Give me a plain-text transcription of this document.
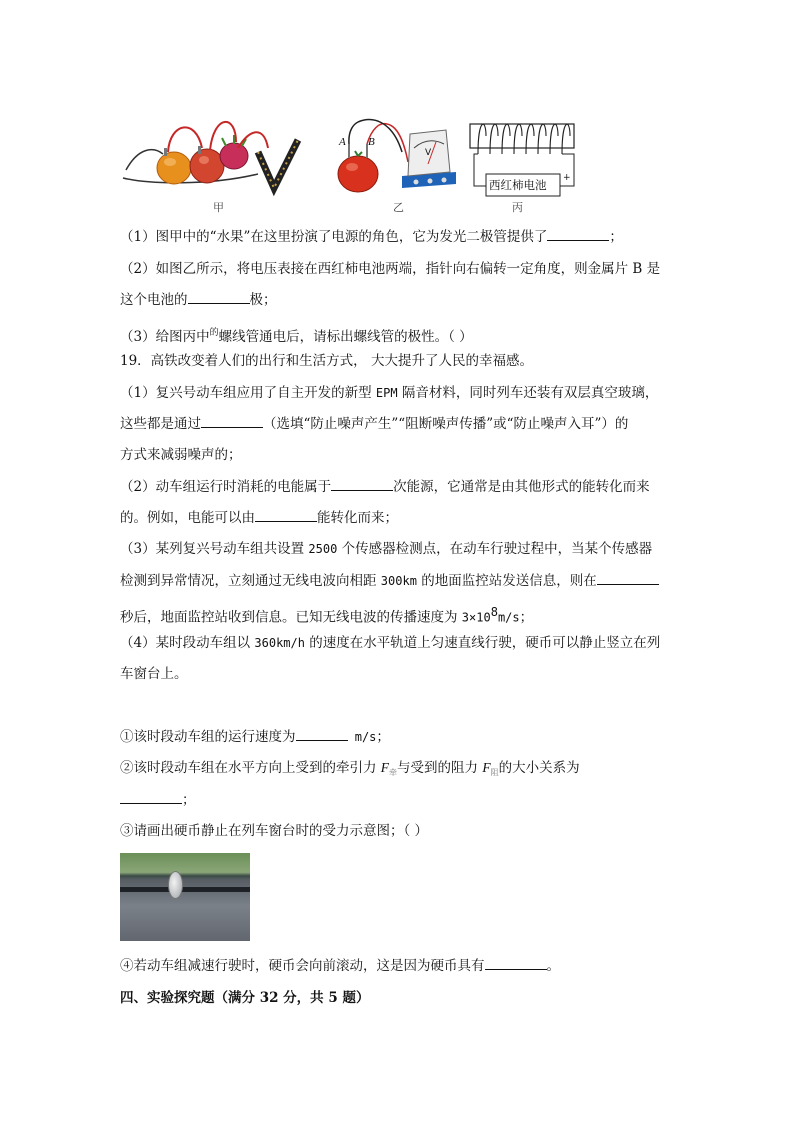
甲
A B
V
乙
西红柿电池 +
丙
（1）图甲中的“水果”在这里扮演了电源的角色，它为发光二极管提供了	；
（2）如图乙所示，将电压表接在西红柿电池两端，指针向右偏转一定角度，则金属片 B 是
这个电池的	极；
（3）给图丙中$^的$螺线管通电后，请标出螺线管的极性。（ ）
19．高铁改变着人们的出行和生活方式， 大大提升了人民的幸福感。
（1）复兴号动车组应用了自主开发的新型 EPM 隔音材料，同时列车还装有双层真空玻璃，
这些都是通过	（选填“防止噪声产生”“阻断噪声传播”或“防止噪声入耳”）的
方式来减弱噪声的；
（2）动车组运行时消耗的电能属于	次能源，它通常是由其他形式的能转化而来
的。例如，电能可以由	能转化而来；
（3）某列复兴号动车组共设置 2500 个传感器检测点，在动车行驶过程中，当某个传感器
检测到异常情况，立刻通过无线电波向相距 300km 的地面监控站发送信息，则在
秒后，地面监控站收到信息。已知无线电波的传播速度为 $3\times 10^8m/s$；
（4）某时段动车组以 360km/h 的速度在水平轨道上匀速直线行驶，硬币可以静止竖立在列
车窗台上。
①该时段动车组的运行速度为	m/s；
②该时段动车组在水平方向上受到的牵引力 $F_牵$与受到的阻力 $F_阻$的大小关系为
；
③请画出硬币静止在列车窗台时的受力示意图；（ ）
④若动车组减速行驶时，硬币会向前滚动，这是因为硬币具有	。
四、实验探究题（满分 32 分，共 5 题）
